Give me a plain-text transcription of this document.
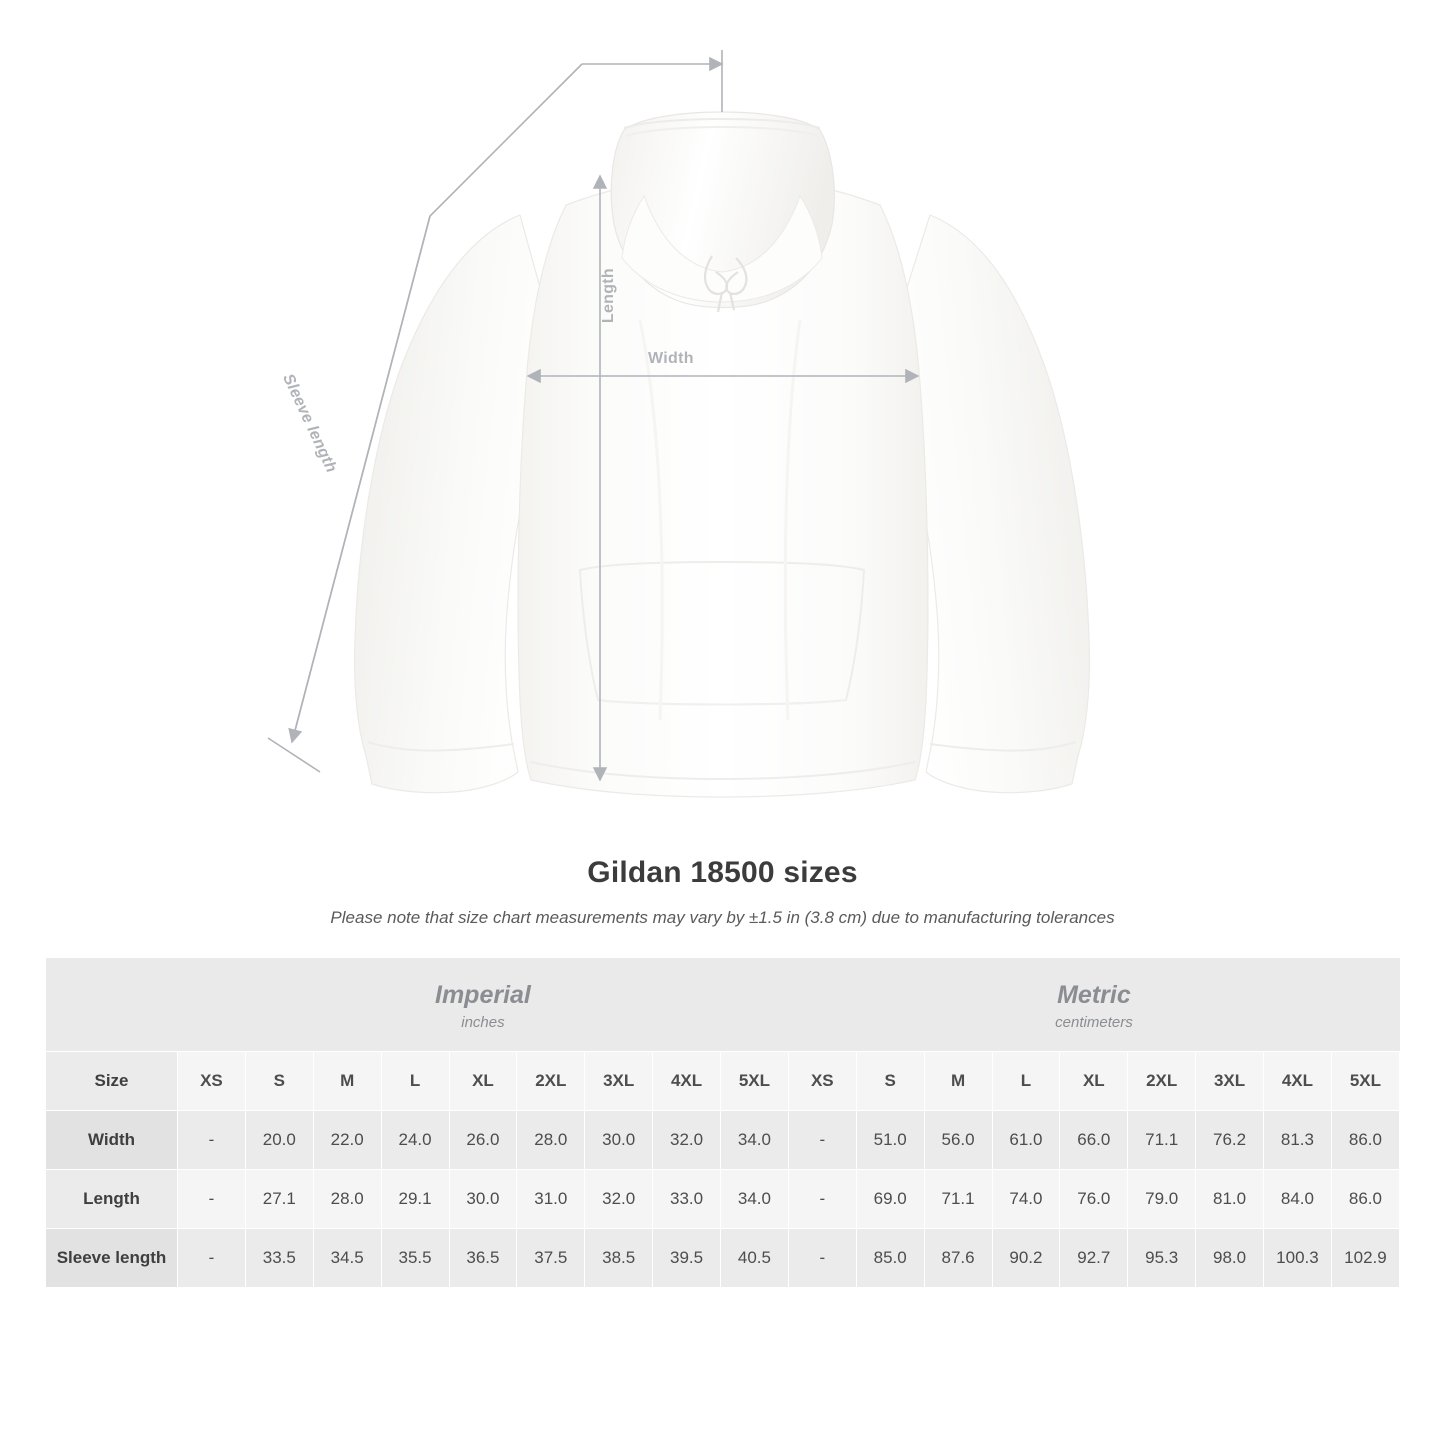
Length
Width
Sleeve length
Gildan 18500 sizes

Please note that size chart measurements may vary by ±1.5 in (3.8 cm) due to manufacturing tolerances

	Imperial
inches									Metric
centimeters								

Size	XS	S	M	L	XL	2XL	3XL	4XL	5XL	XS	S	M	L	XL	2XL	3XL	4XL	5XL
Width	-	20.0	22.0	24.0	26.0	28.0	30.0	32.0	34.0	-	51.0	56.0	61.0	66.0	71.1	76.2	81.3	86.0
Length	-	27.1	28.0	29.1	30.0	31.0	32.0	33.0	34.0	-	69.0	71.1	74.0	76.0	79.0	81.0	84.0	86.0
Sleeve length	-	33.5	34.5	35.5	36.5	37.5	38.5	39.5	40.5	-	85.0	87.6	90.2	92.7	95.3	98.0	100.3	102.9
